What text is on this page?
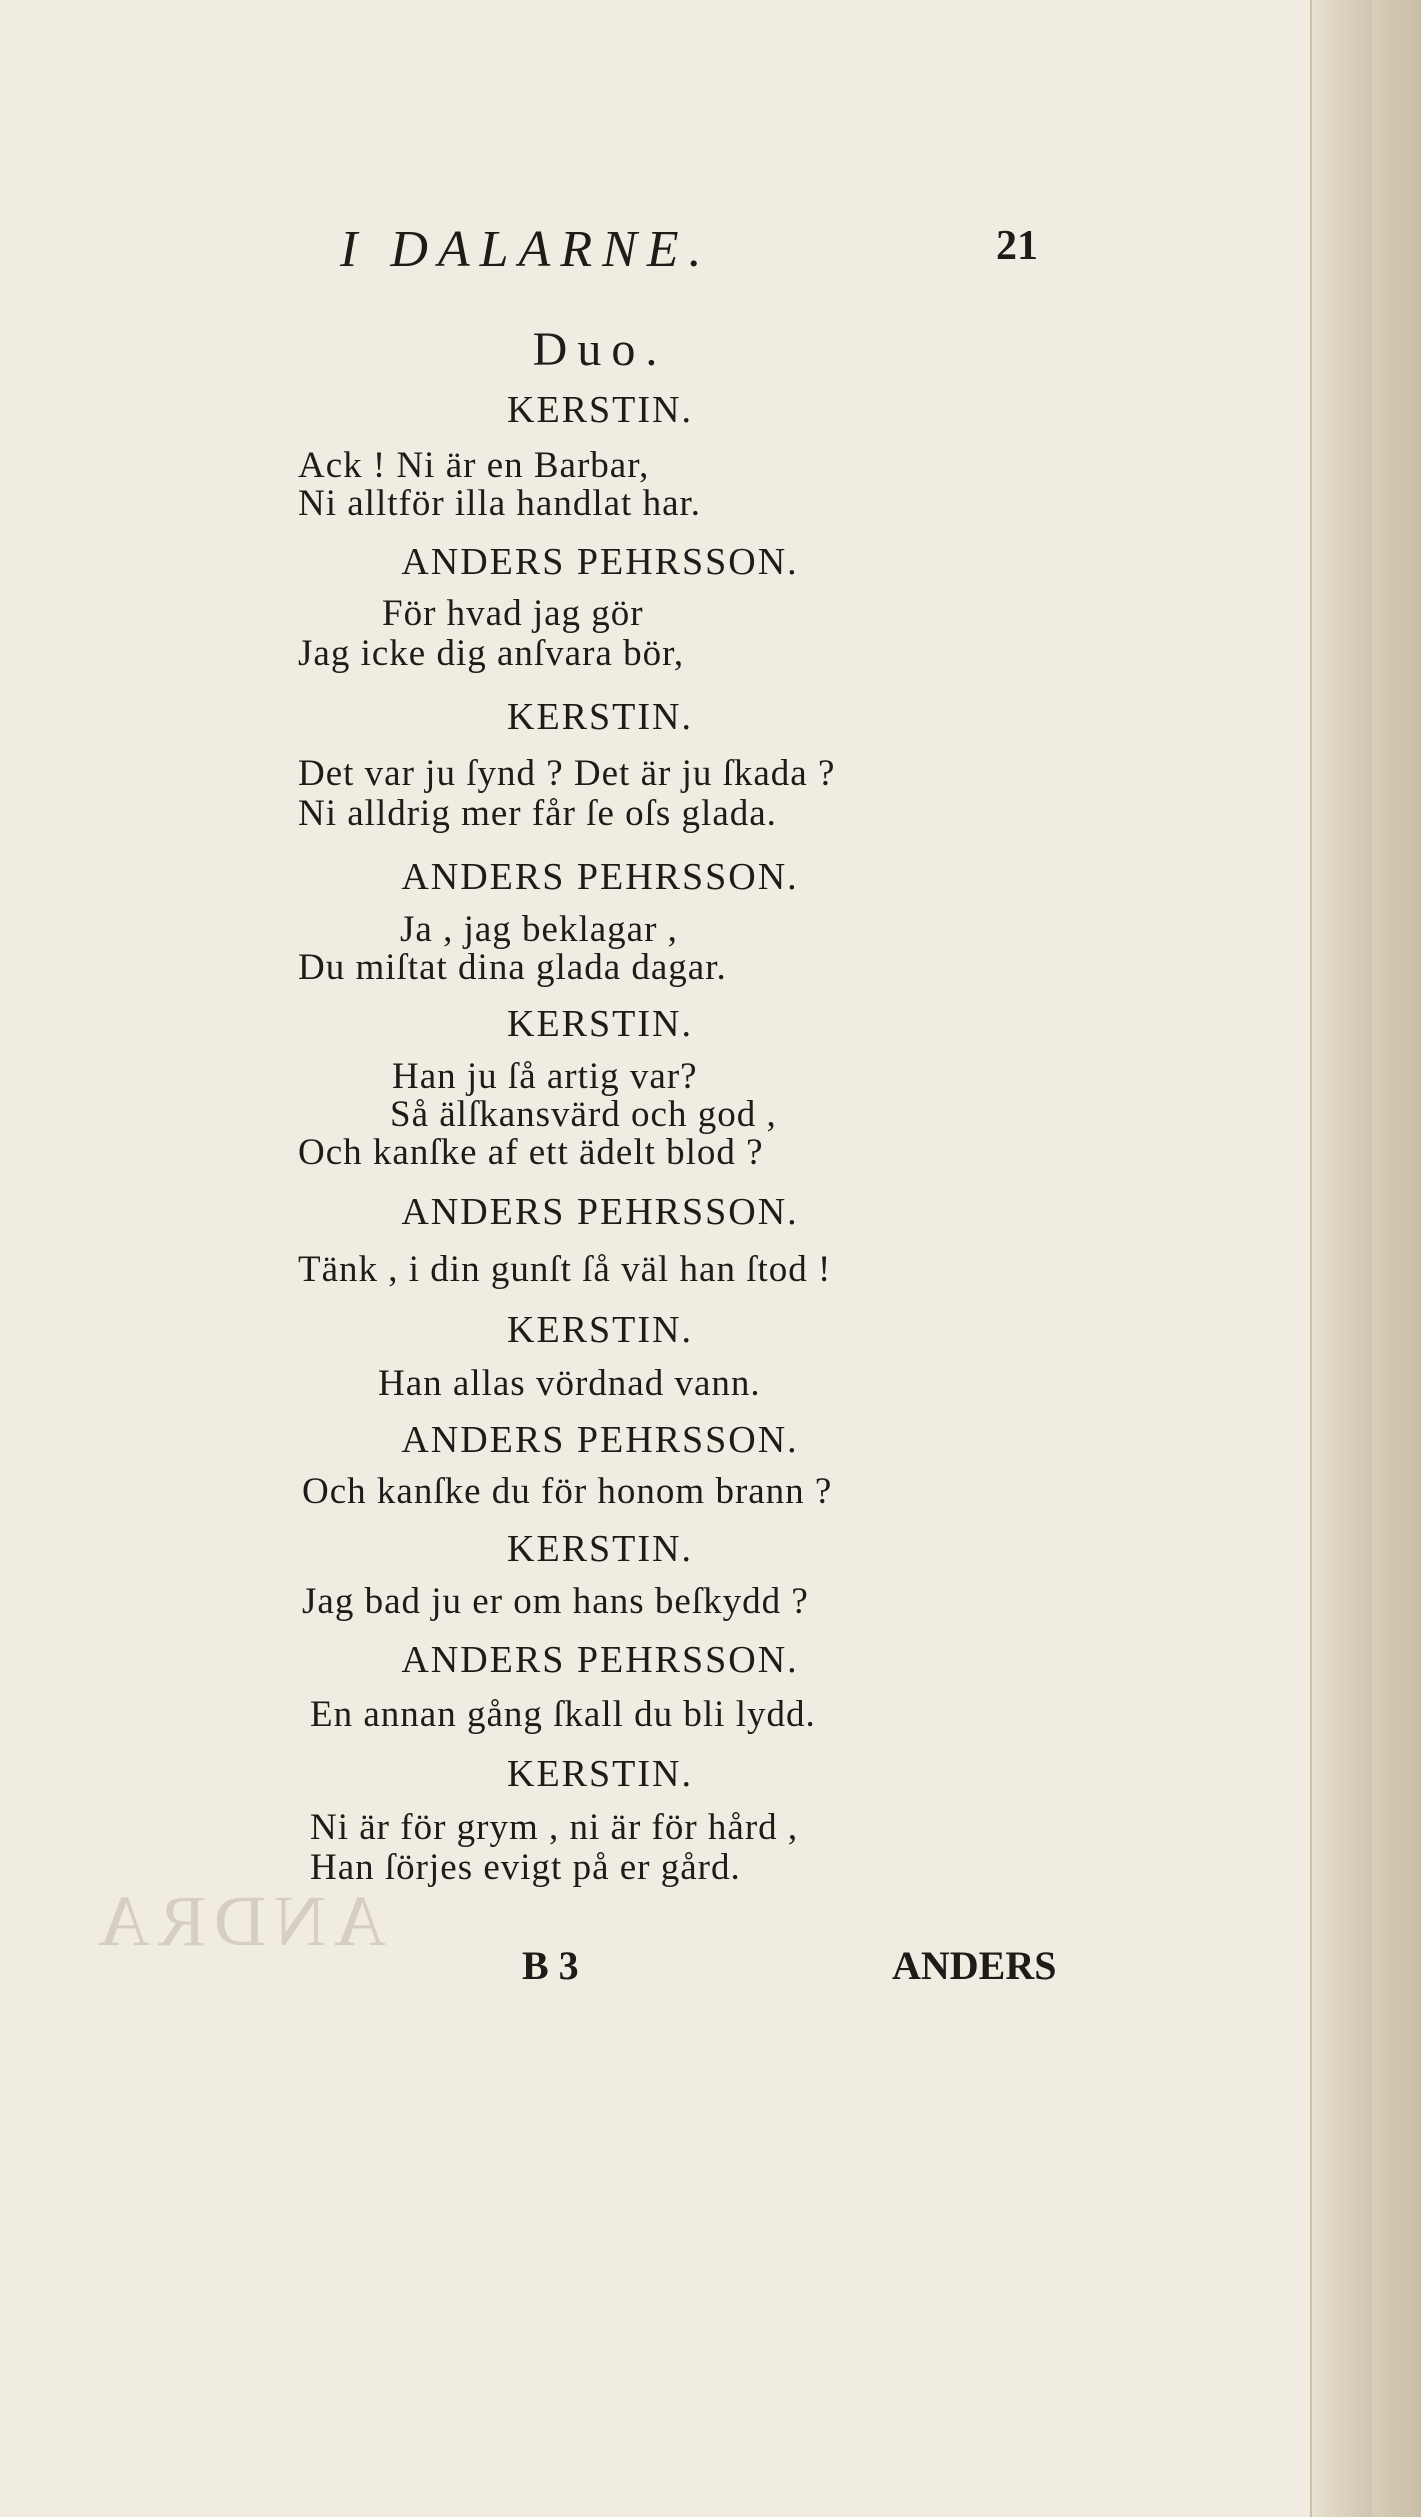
ANDRA
I DALARNE.	21
Duo.
KERSTIN.
Ack ! Ni är en Barbar,
Ni alltför illa handlat har.
ANDERS PEHRSSON.
För hvad jag gör
Jag icke dig anſvara bör,
KERSTIN.
Det var ju ſynd ? Det är ju ſkada ?
Ni alldrig mer får ſe oſs glada.
ANDERS PEHRSSON.
Ja , jag beklagar ,
Du miſtat dina glada dagar.
KERSTIN.
Han ju ſå artig var?
Så älſkansvärd och god ,
Och kanſke af ett ädelt blod ?
ANDERS PEHRSSON.
Tänk , i din gunſt ſå väl han ſtod !
KERSTIN.
Han allas vördnad vann.
ANDERS PEHRSSON.
Och kanſke du för honom brann ?
KERSTIN.
Jag bad ju er om hans beſkydd ?
ANDERS PEHRSSON.
En annan gång ſkall du bli lydd.
KERSTIN.
Ni är för grym , ni är för hård ,
Han ſörjes evigt på er gård.
B 3	ANDERS
